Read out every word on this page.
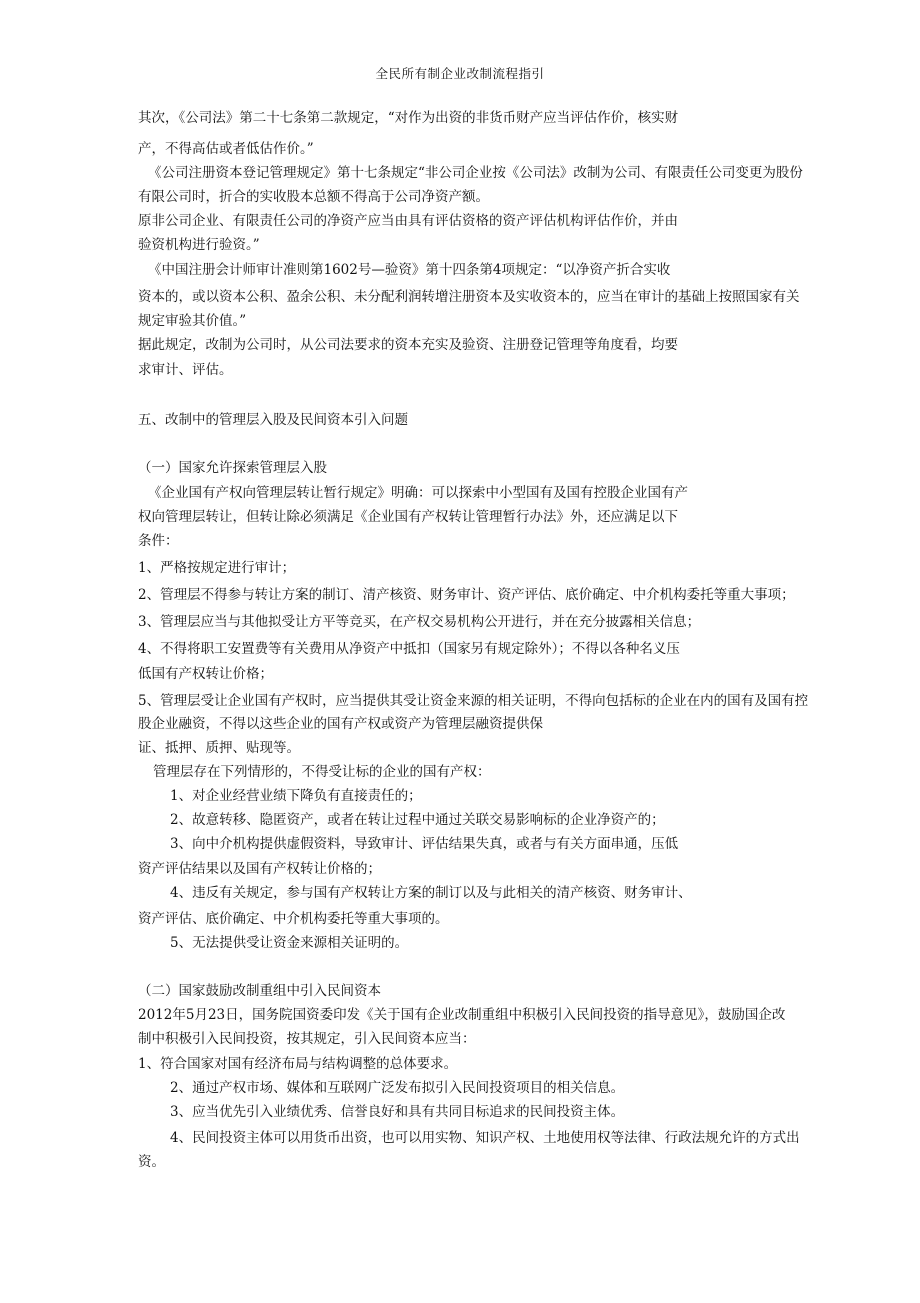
全民所有制企业改制流程指引
其次，《公司法》第二十七条第二款规定，“对作为出资的非货币财产应当评估作价，核实财
产，不得高估或者低估作价。”
《公司注册资本登记管理规定》第十七条规定“非公司企业按《公司法》改制为公司、有限责任公司变更为股份
有限公司时，折合的实收股本总额不得高于公司净资产额。
原非公司企业、有限责任公司的净资产应当由具有评估资格的资产评估机构评估作价，并由
验资机构进行验资。”
《中国注册会计师审计准则第1602号—验资》第十四条第4项规定：“以净资产折合实收
资本的，或以资本公积、盈余公积、未分配利润转增注册资本及实收资本的，应当在审计的基础上按照国家有关
规定审验其价值。”
据此规定，改制为公司时，从公司法要求的资本充实及验资、注册登记管理等角度看，均要
求审计、评估。
五、改制中的管理层入股及民间资本引入问题
（一）国家允许探索管理层入股
《企业国有产权向管理层转让暂行规定》明确：可以探索中小型国有及国有控股企业国有产
权向管理层转让，但转让除必须满足《企业国有产权转让管理暂行办法》外，还应满足以下
条件：
1、严格按规定进行审计；
2、管理层不得参与转让方案的制订、清产核资、财务审计、资产评估、底价确定、中介机构委托等重大事项；
3、管理层应当与其他拟受让方平等竞买，在产权交易机构公开进行，并在充分披露相关信息；
4、不得将职工安置费等有关费用从净资产中抵扣（国家另有规定除外）；不得以各种名义压
低国有产权转让价格；
5、管理层受让企业国有产权时，应当提供其受让资金来源的相关证明，不得向包括标的企业在内的国有及国有控
股企业融资，不得以这些企业的国有产权或资产为管理层融资提供保
证、抵押、质押、贴现等。
管理层存在下列情形的，不得受让标的企业的国有产权：
1、对企业经营业绩下降负有直接责任的；
2、故意转移、隐匿资产，或者在转让过程中通过关联交易影响标的企业净资产的；
3、向中介机构提供虚假资料，导致审计、评估结果失真，或者与有关方面串通，压低
资产评估结果以及国有产权转让价格的；
4、违反有关规定，参与国有产权转让方案的制订以及与此相关的清产核资、财务审计、
资产评估、底价确定、中介机构委托等重大事项的。
5、无法提供受让资金来源相关证明的。
（二）国家鼓励改制重组中引入民间资本
2012年5月23日，国务院国资委印发《关于国有企业改制重组中积极引入民间投资的指导意见》，鼓励国企改
制中积极引入民间投资，按其规定，引入民间资本应当：
1、符合国家对国有经济布局与结构调整的总体要求。
2、通过产权市场、媒体和互联网广泛发布拟引入民间投资项目的相关信息。
3、应当优先引入业绩优秀、信誉良好和具有共同目标追求的民间投资主体。
4、民间投资主体可以用货币出资，也可以用实物、知识产权、土地使用权等法律、行政法规允许的方式出
资。
